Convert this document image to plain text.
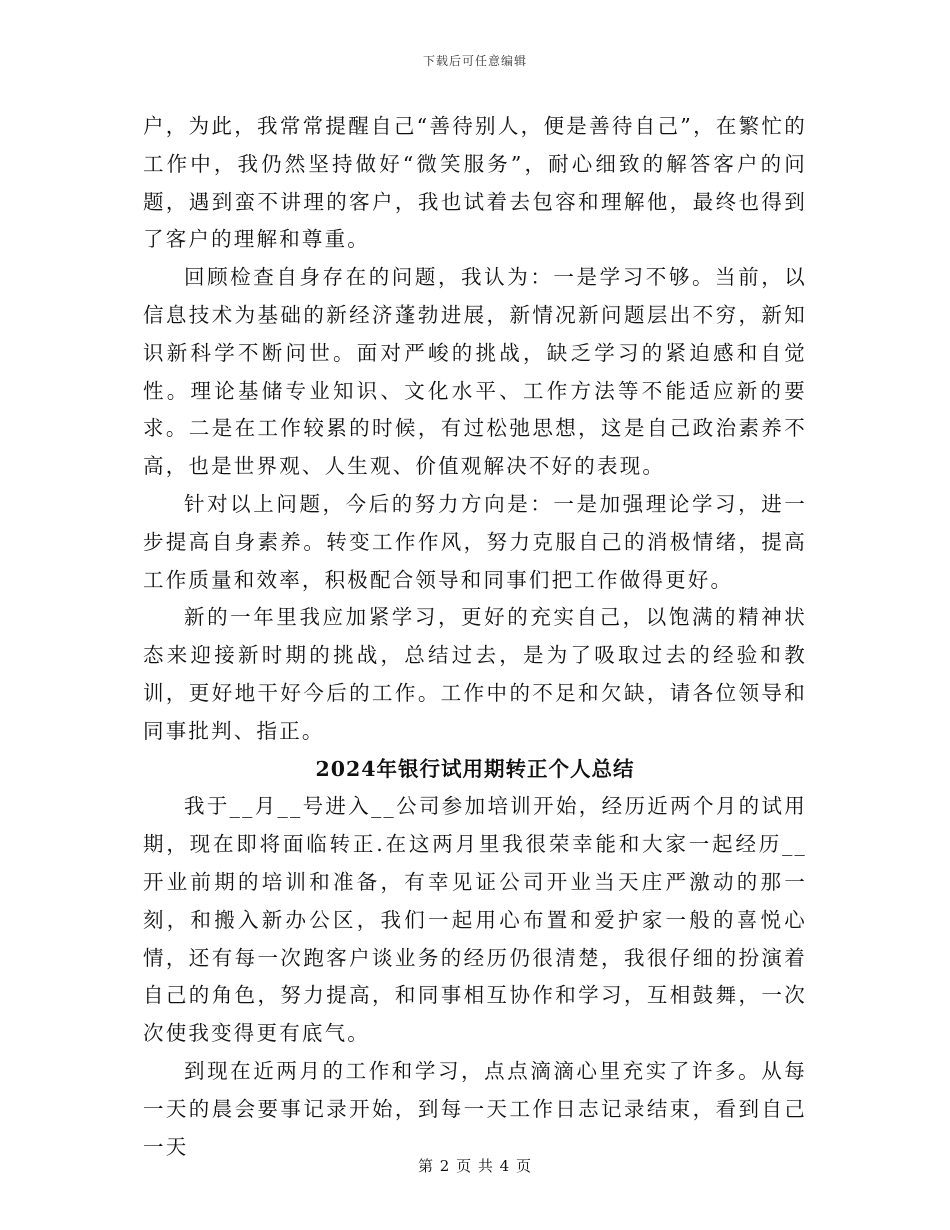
下载后可任意编辑

户，为此，我常常提醒自己“善待别人，便是善待自己”，在繁忙的工作中，我仍然坚持做好“微笑服务”，耐心细致的解答客户的问题，遇到蛮不讲理的客户，我也试着去包容和理解他，最终也得到了客户的理解和尊重。

回顾检查自身存在的问题，我认为：一是学习不够。当前，以信息技术为基础的新经济蓬勃进展，新情况新问题层出不穷，新知识新科学不断问世。面对严峻的挑战，缺乏学习的紧迫感和自觉性。理论基储专业知识、文化水平、工作方法等不能适应新的要求。二是在工作较累的时候，有过松弛思想，这是自己政治素养不高，也是世界观、人生观、价值观解决不好的表现。

针对以上问题，今后的努力方向是：一是加强理论学习，进一步提高自身素养。转变工作作风，努力克服自己的消极情绪，提高工作质量和效率，积极配合领导和同事们把工作做得更好。

新的一年里我应加紧学习，更好的充实自己，以饱满的精神状态来迎接新时期的挑战，总结过去，是为了吸取过去的经验和教训，更好地干好今后的工作。工作中的不足和欠缺，请各位领导和同事批判、指正。

2024年银行试用期转正个人总结

我于__月__号进入__公司参加培训开始，经历近两个月的试用期，现在即将面临转正.在这两月里我很荣幸能和大家一起经历__开业前期的培训和准备，有幸见证公司开业当天庄严激动的那一刻，和搬入新办公区，我们一起用心布置和爱护家一般的喜悦心情，还有每一次跑客户谈业务的经历仍很清楚，我很仔细的扮演着自己的角色，努力提高，和同事相互协作和学习，互相鼓舞，一次次使我变得更有底气。

到现在近两月的工作和学习，点点滴滴心里充实了许多。从每一天的晨会要事记录开始，到每一天工作日志记录结束，看到自己一天

第 2 页 共 4 页
